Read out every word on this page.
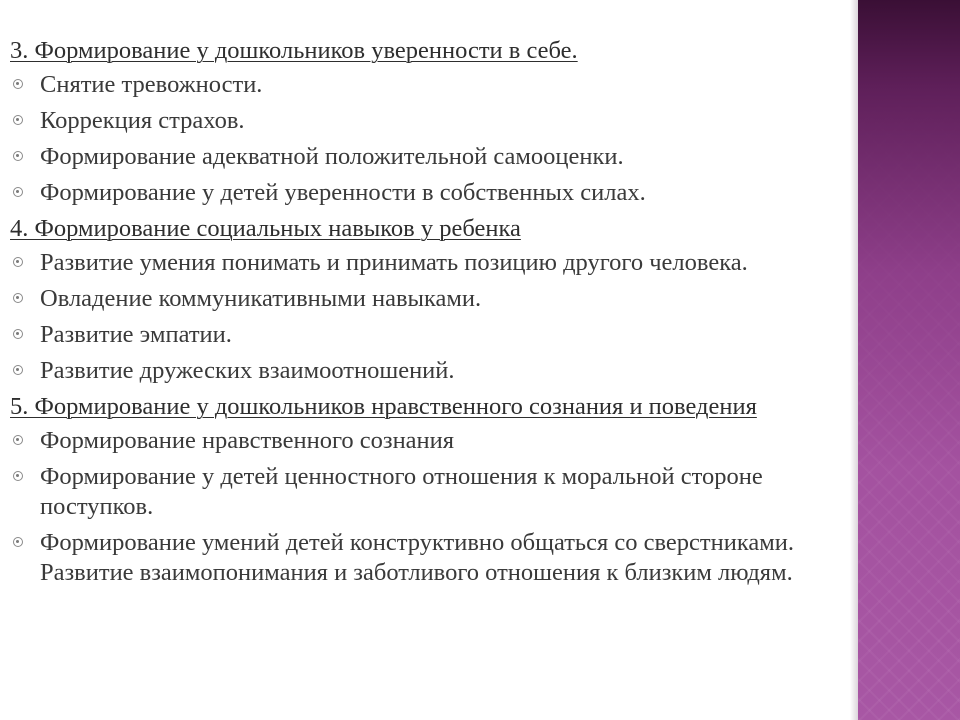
3. Формирование у дошкольников уверенности в себе.
Снятие тревожности.
Коррекция страхов.
Формирование адекватной положительной самооценки.
Формирование у детей уверенности в собственных силах.
4. Формирование социальных навыков у ребенка
Развитие умения понимать и принимать позицию другого человека.
Овладение коммуникативными навыками.
Развитие эмпатии.
Развитие дружеских взаимоотношений.
5. Формирование у дошкольников нравственного сознания и поведения
Формирование нравственного сознания
Формирование у детей ценностного отношения к моральной стороне поступков.
Формирование умений детей конструктивно общаться со сверстниками. Развитие взаимопонимания и заботливого отношения к близким людям.
